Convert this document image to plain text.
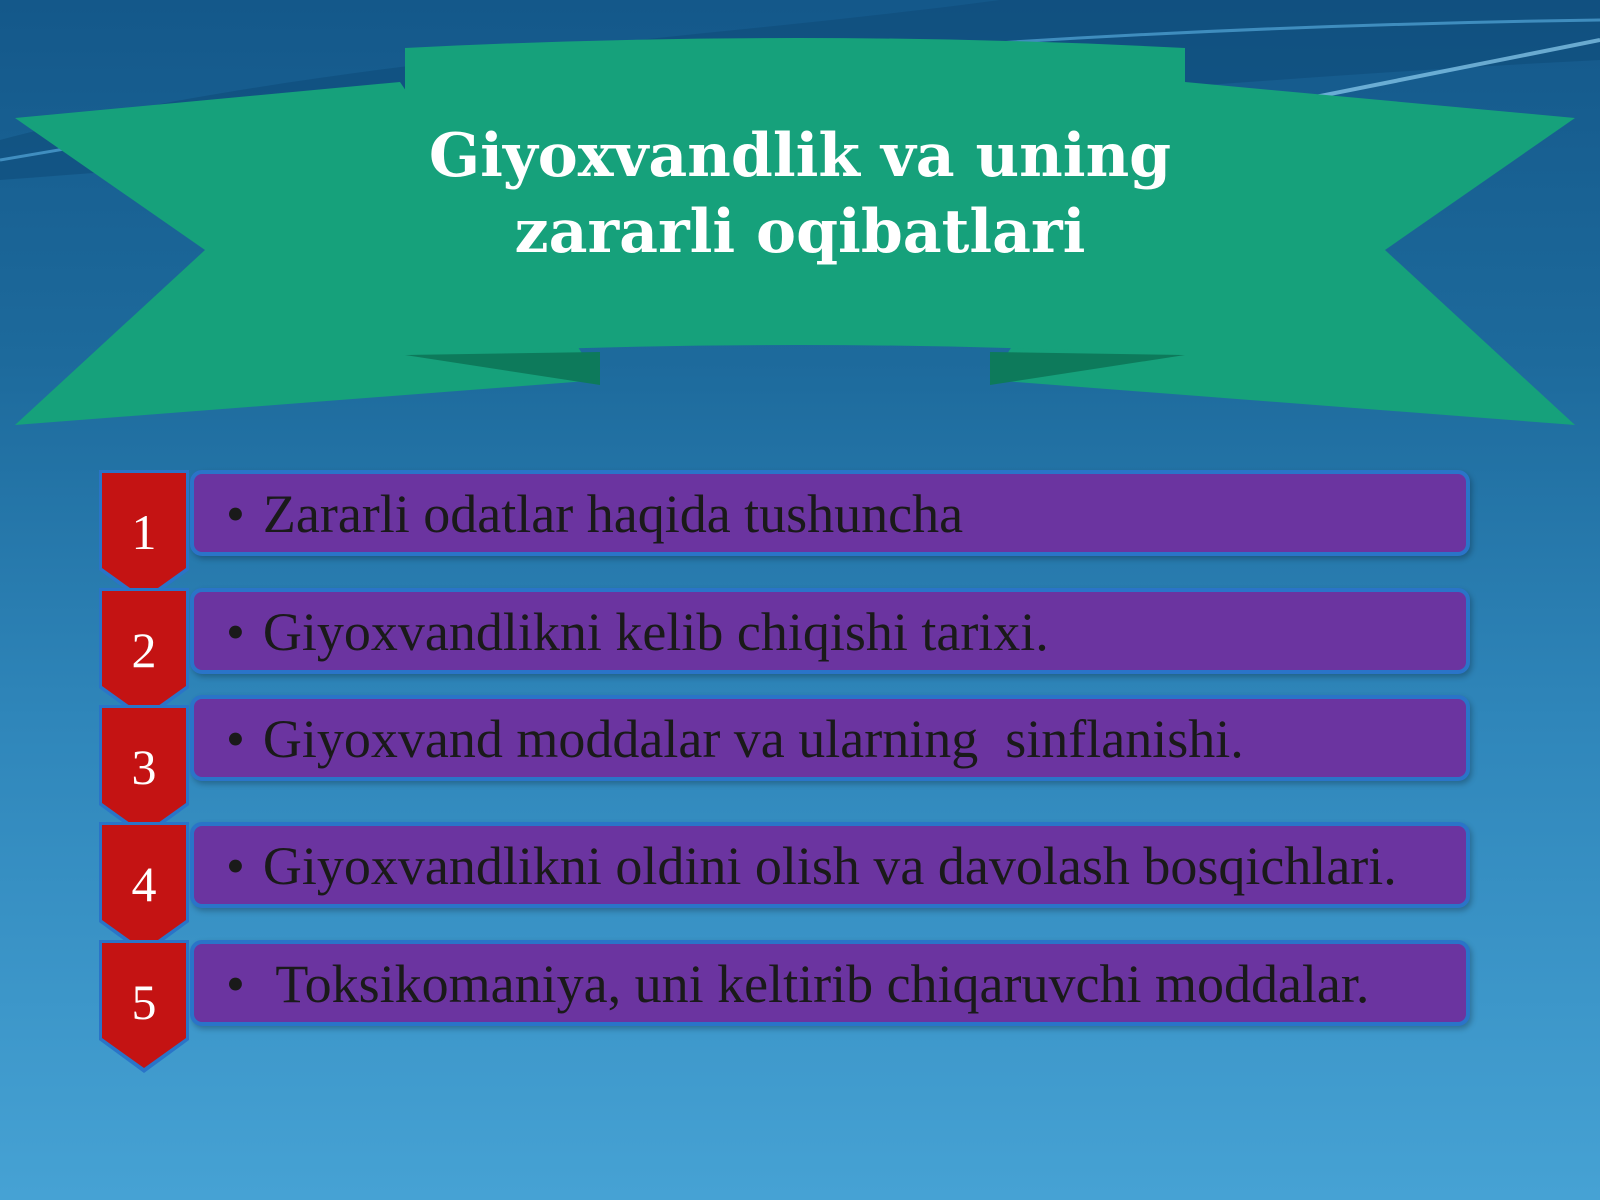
Giyoxvandlik va uning
zararli oqibatlari
• Zararli odatlar haqida tushuncha
1
• Giyoxvandlikni kelib chiqishi tarixi.
2
• Giyoxvand moddalar va ularning  sinflanishi.
3
• Giyoxvandlikni oldini olish va davolash bosqichlari.
4
• Toksikomaniya, uni keltirib chiqaruvchi moddalar.
5
